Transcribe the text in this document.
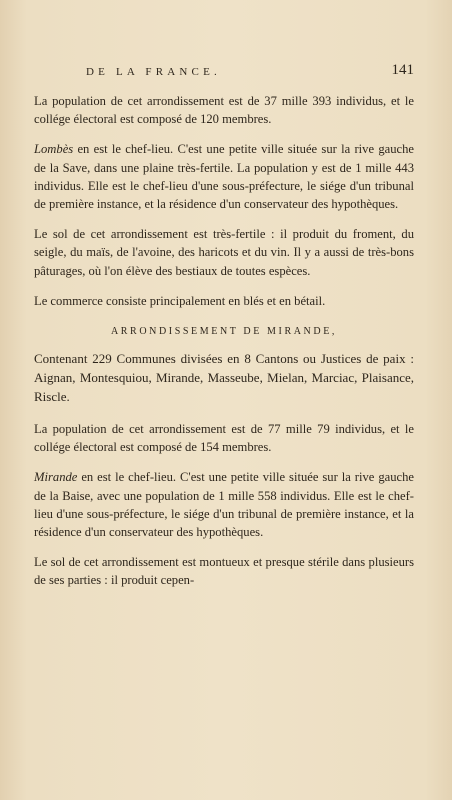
DE LA FRANCE.	141

La population de cet arrondissement est de 37 mille 393 individus, et le collége électoral est composé de 120 membres.

Lombès en est le chef-lieu. C'est une petite ville située sur la rive gauche de la Save, dans une plaine très-fertile. La population y est de 1 mille 443 individus. Elle est le chef-lieu d'une sous-préfecture, le siége d'un tribunal de première instance, et la résidence d'un conservateur des hypothèques.

Le sol de cet arrondissement est très-fertile : il produit du froment, du seigle, du maïs, de l'avoine, des haricots et du vin. Il y a aussi de très-bons pâturages, où l'on élève des bestiaux de toutes espèces.

Le commerce consiste principalement en blés et en bétail.

ARRONDISSEMENT DE MIRANDE,

Contenant 229 Communes divisées en 8 Cantons ou Justices de paix : Aignan, Montesquiou, Mirande, Masseube, Mielan, Marciac, Plaisance, Riscle.

La population de cet arrondissement est de 77 mille 79 individus, et le collége électoral est composé de 154 membres.

Mirande en est le chef-lieu. C'est une petite ville située sur la rive gauche de la Baise, avec une population de 1 mille 558 individus. Elle est le chef-lieu d'une sous-préfecture, le siége d'un tribunal de première instance, et la résidence d'un conservateur des hypothèques.

Le sol de cet arrondissement est montueux et presque stérile dans plusieurs de ses parties : il produit cepen-
